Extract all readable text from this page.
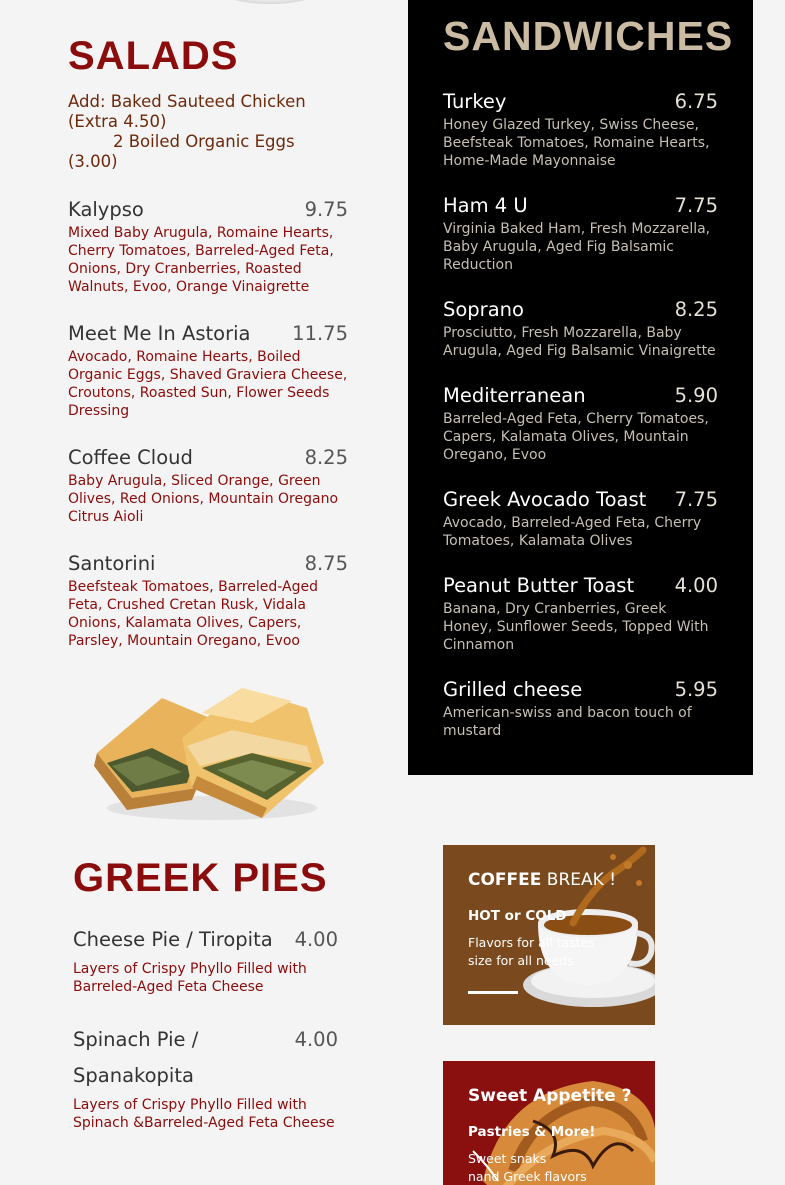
SALADS
Add: Baked Sauteed Chicken (Extra 4.50)
2 Boiled Organic Eggs
(3.00)
Kalypso	9.75
Mixed Baby Arugula, Romaine Hearts, Cherry Tomatoes, Barreled-Aged Feta, Onions, Dry Cranberries, Roasted Walnuts, Evoo, Orange Vinaigrette
Meet Me In Astoria 11.75
Avocado, Romaine Hearts, Boiled Organic Eggs, Shaved Graviera Cheese, Croutons, Roasted Sun, Flower Seeds Dressing
Coffee Cloud	8.25
Baby Arugula, Sliced Orange, Green Olives, Red Onions, Mountain Oregano Citrus Aioli
Santorini	8.75
Beefsteak Tomatoes, Barreled-Aged Feta, Crushed Cretan Rusk, Vidala Onions, Kalamata Olives, Capers, Parsley, Mountain Oregano, Evoo
SANDWICHES
Turkey	6.75
Honey Glazed Turkey, Swiss Cheese, Beefsteak Tomatoes, Romaine Hearts, Home-Made Mayonnaise
Ham 4 U	7.75
Virginia Baked Ham, Fresh Mozzarella, Baby Arugula, Aged Fig Balsamic Reduction
Soprano	8.25
Prosciutto, Fresh Mozzarella, Baby Arugula, Aged Fig Balsamic Vinaigrette
Mediterranean	5.90
Barreled-Aged Feta, Cherry Tomatoes, Capers, Kalamata Olives, Mountain Oregano, Evoo
Greek Avocado Toast 7.75
Avocado, Barreled-Aged Feta, Cherry Tomatoes, Kalamata Olives
Peanut Butter Toast 4.00
Banana, Dry Cranberries, Greek Honey, Sunflower Seeds, Topped With Cinnamon
Grilled cheese	5.95
American-swiss and bacon touch of mustard
GREEK PIES
Cheese Pie / Tiropita 4.00
Layers of Crispy Phyllo Filled with Barreled-Aged Feta Cheese
Spinach Pie / Spanakopita
4.00
Layers of Crispy Phyllo Filled with Spinach &Barreled-Aged Feta Cheese
COFFEE BREAK !
HOT or COLD
Flavors for all tastes
size for all needs
Sweet Appetite ?
Pastries & More!
Sweet snaks
nand Greek flavors
